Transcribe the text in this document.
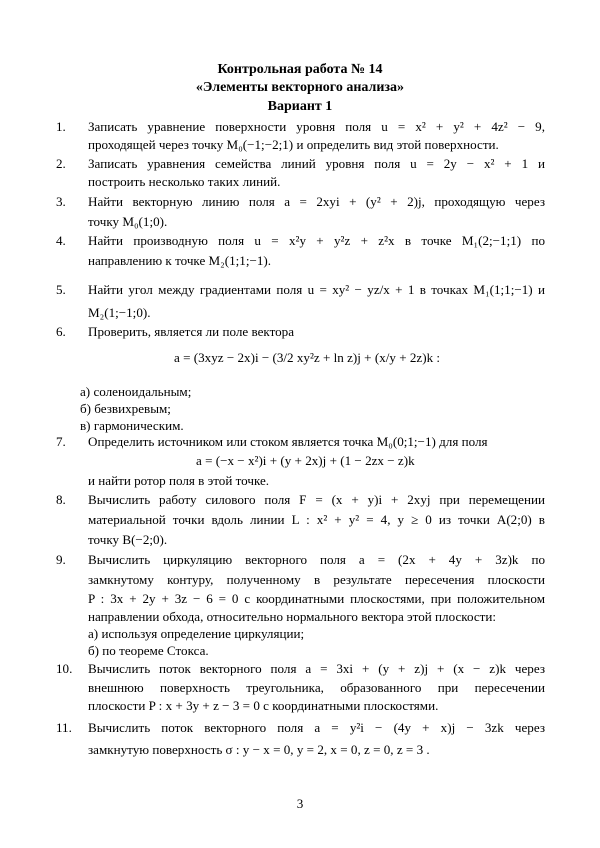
Контрольная работа № 14
«Элементы векторного анализа»
Вариант 1
1. Записать уравнение поверхности уровня поля u = x² + y² + 4z² − 9,
проходящей через точку M₀(−1;−2;1) и определить вид этой поверхности.
2. Записать уравнения семейства линий уровня поля u = 2y − x² + 1 и
построить несколько таких линий.
3. Найти векторную линию поля a = 2xyi + (y² + 2)j, проходящую через
точку M₀(1;0).
4. Найти производную поля u = x²y + y²z + z²x в точке M₁(2;−1;1) по
направлению к точке M₂(1;1;−1).
5. Найти угол между градиентами поля u = xy² − yz/x + 1 в точках M₁(1;1;−1) и
M₂(1;−1;0).
6. Проверить, является ли поле вектора
a = (3xyz − 2x)i − (3/2 xy²z + ln z)j + (x/y + 2z)k :
а) соленоидальным;
б) безвихревым;
в) гармоническим.
7. Определить источником или стоком является точка M₀(0;1;−1) для поля
a = (−x − x²)i + (y + 2x)j + (1 − 2zx − z)k
и найти ротор поля в этой точке.
8. Вычислить работу силового поля F = (x + y)i + 2xyj при перемещении
материальной точки вдоль линии L : x² + y² = 4, y ≥ 0 из точки A(2;0) в
точку B(−2;0).
9. Вычислить циркуляцию векторного поля a = (2x + 4y + 3z)k по
замкнутому контуру, полученному в результате пересечения плоскости
P : 3x + 2y + 3z − 6 = 0 с координатными плоскостями, при положительном
направлении обхода, относительно нормального вектора этой плоскости:
а) используя определение циркуляции;
б) по теореме Стокса.
10. Вычислить поток векторного поля a = 3xi + (y + z)j + (x − z)k через
внешнюю поверхность треугольника, образованного при пересечении
плоскости P : x + 3y + z − 3 = 0 с координатными плоскостями.
11. Вычислить поток векторного поля a = y²i − (4y + x)j − 3zk через
замкнутую поверхность σ : y − x = 0, y = 2, x = 0, z = 0, z = 3 .
3
